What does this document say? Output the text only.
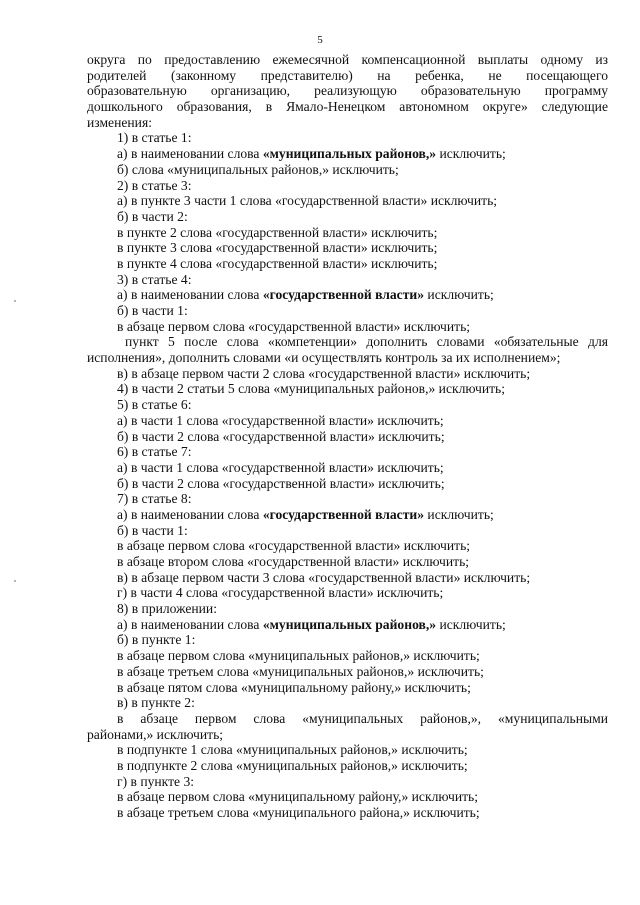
5
округа по предоставлению ежемесячной компенсационной выплаты одному из
родителей (законному представителю) на ребенка, не посещающего
образовательную организацию, реализующую образовательную программу
дошкольного образования, в Ямало-Ненецком автономном округе» следующие
изменения:
1) в статье 1:
а) в наименовании слова «муниципальных районов,» исключить;
б) слова «муниципальных районов,» исключить;
2) в статье 3:
а) в пункте 3 части 1 слова «государственной власти» исключить;
б) в части 2:
в пункте 2 слова «государственной власти» исключить;
в пункте 3 слова «государственной власти» исключить;
в пункте 4 слова «государственной власти» исключить;
3) в статье 4:
а) в наименовании слова «государственной власти» исключить;
б) в части 1:
в абзаце первом слова «государственной власти» исключить;
пункт 5 после слова «компетенции» дополнить словами «обязательные для
исполнения», дополнить словами «и осуществлять контроль за их исполнением»;
в) в абзаце первом части 2 слова «государственной власти» исключить;
4) в части 2 статьи 5 слова «муниципальных районов,» исключить;
5) в статье 6:
а) в части 1 слова «государственной власти» исключить;
б) в части 2 слова «государственной власти» исключить;
6) в статье 7:
а) в части 1 слова «государственной власти» исключить;
б) в части 2 слова «государственной власти» исключить;
7) в статье 8:
а) в наименовании слова «государственной власти» исключить;
б) в части 1:
в абзаце первом слова «государственной власти» исключить;
в абзаце втором слова «государственной власти» исключить;
в) в абзаце первом части 3 слова «государственной власти» исключить;
г) в части 4 слова «государственной власти» исключить;
8) в приложении:
а) в наименовании слова «муниципальных районов,» исключить;
б) в пункте 1:
в абзаце первом слова «муниципальных районов,» исключить;
в абзаце третьем слова «муниципальных районов,» исключить;
в абзаце пятом слова «муниципальному району,» исключить;
в) в пункте 2:
в абзаце первом слова «муниципальных районов,», «муниципальными
районами,» исключить;
в подпункте 1 слова «муниципальных районов,» исключить;
в подпункте 2 слова «муниципальных районов,» исключить;
г) в пункте 3:
в абзаце первом слова «муниципальному району,» исключить;
в абзаце третьем слова «муниципального района,» исключить;
